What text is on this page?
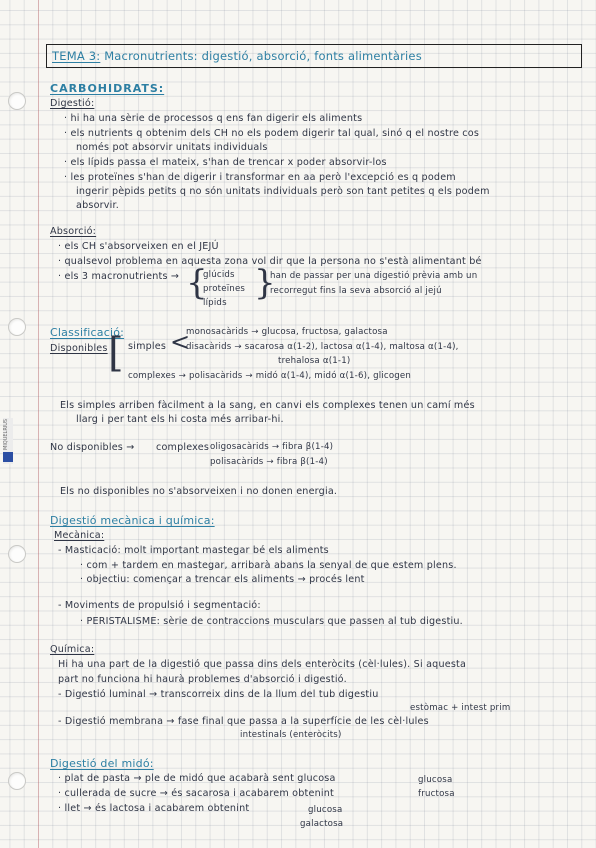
MIQUELRIUS
TEMA 3: Macronutrients: digestió, absorció, fonts alimentàries
CARBOHIDRATS:
Digestió:
· hi ha una sèrie de processos q ens fan digerir els aliments
· els nutrients q obtenim dels CH no els podem digerir tal qual, sinó q el nostre cos
només pot absorvir unitats individuals
· els lípids passa el mateix, s'han de trencar x poder absorvir-los
· les proteïnes s'han de digerir i transformar en aa però l'excepció es q podem
ingerir pèpids petits q no són unitats individuals però son tant petites q els podem
absorvir.
Absorció:
· els CH s'absorveixen en el JEJÚ
· qualsevol problema en aquesta zona vol dir que la persona no s'està alimentant bé
· els 3 macronutrients → {
glúcids
proteïnes
lípids }
han de passar per una digestió prèvia amb un
recorregut fins la seva absorció al jejú
Classificació:
Disponibles [ simples <
monosacàrids → glucosa, fructosa, galactosa
disacàrids → sacarosa α(1-2), lactosa α(1-4), maltosa α(1-4),
trehalosa α(1-1)
complexes → polisacàrids → midó α(1-4), midó α(1-6), glicogen
Els simples arriben fàcilment a la sang, en canvi els complexes tenen un camí més
llarg i per tant els hi costa més arribar-hi.
No disponibles → complexes oligosacàrids → fibra β(1-4)
polisacàrids → fibra β(1-4)
Els no disponibles no s'absorveixen i no donen energia.
Digestió mecànica i química:
Mecànica:
- Masticació: molt important mastegar bé els aliments
· com + tardem en mastegar, arribarà abans la senyal de que estem plens.
· objectiu: començar a trencar els aliments → procés lent
- Moviments de propulsió i segmentació:
· PERISTALISME: sèrie de contraccions musculars que passen al tub digestiu.
Química:
Hi ha una part de la digestió que passa dins dels enteròcits (cèl·lules). Si aquesta
part no funciona hi haurà problemes d'absorció i digestió.
- Digestió luminal → transcorreix dins de la llum del tub digestiu
estòmac + intest prim
- Digestió membrana → fase final que passa a la superfície de les cèl·lules
intestinals (enteròcits)
Digestió del midó:
· plat de pasta → ple de midó que acabarà sent glucosa
· cullerada de sucre → és sacarosa i acabarem obtenint
glucosa
fructosa
· llet → és lactosa i acabarem obtenint	glucosa
galactosa
